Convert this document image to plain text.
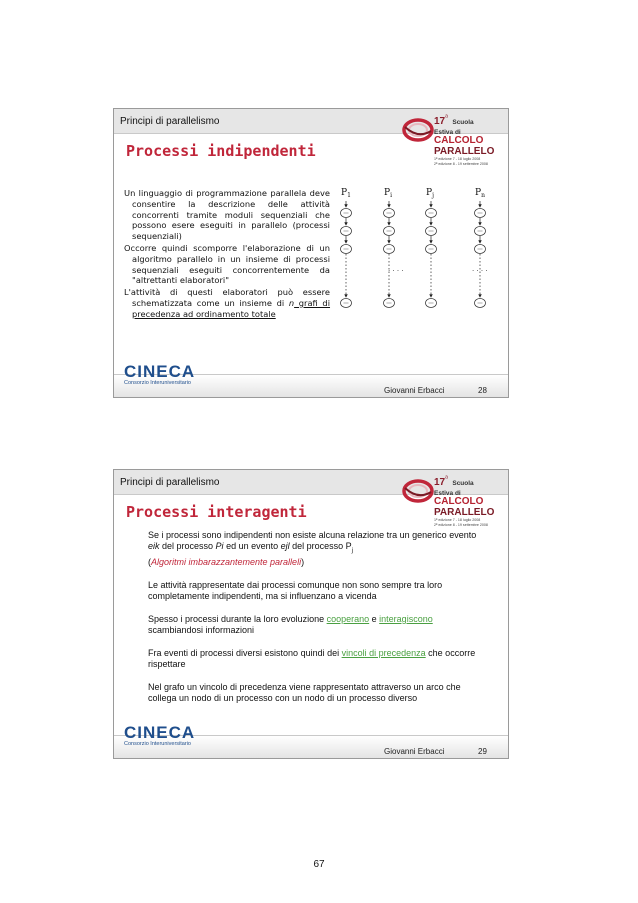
Principi di parallelismo	17$^a$ Scuola
Estiva di
CALCOLO
PARALLELO
1ª edizione 7 - 18 luglio 2008
2ª edizione 8 - 19 settembre 2008
Processi indipendenti

Un linguaggio di programmazione parallela deve consentire la descrizione delle attività concorrenti tramite moduli sequenziali che possono esere eseguiti in parallelo (processi sequenziali)

Occorre quindi scomporre l'elaborazione di un algoritmo parallelo in un insieme di processi sequenziali eseguiti concorrentemente da "altrettanti elaboratori"

L'attività di questi elaboratori può essere schematizzata come un insieme di n grafi di precedenza ad ordinamento totale

$P_1$	$P_i$	$P_j$	$P_n$
. . . .	. . . .
CINECA
Consorzio Interuniversitario
Giovanni Erbacci	28
Principi di parallelismo	17$^a$ Scuola
Estiva di
CALCOLO
PARALLELO
1ª edizione 7 - 18 luglio 2008
2ª edizione 8 - 19 settembre 2008
Processi interagenti

Se i processi sono indipendenti non esiste alcuna relazione tra un generico evento eik del processo Pi ed un evento ejl del processo $P_j$
(Algoritmi imbarazzantemente paralleli)

Le attività rappresentate dai processi comunque non sono sempre tra loro completamente indipendenti, ma si influenzano a vicenda

Spesso i processi durante la loro evoluzione cooperano e interagiscono scambiandosi informazioni

Fra eventi di processi diversi esistono quindi dei vincoli di precedenza che occorre rispettare

Nel grafo un vincolo di precedenza viene rappresentato attraverso un arco che collega un nodo di un processo con un nodo di un processo diverso

CINECA
Consorzio Interuniversitario
Giovanni Erbacci	29
67
